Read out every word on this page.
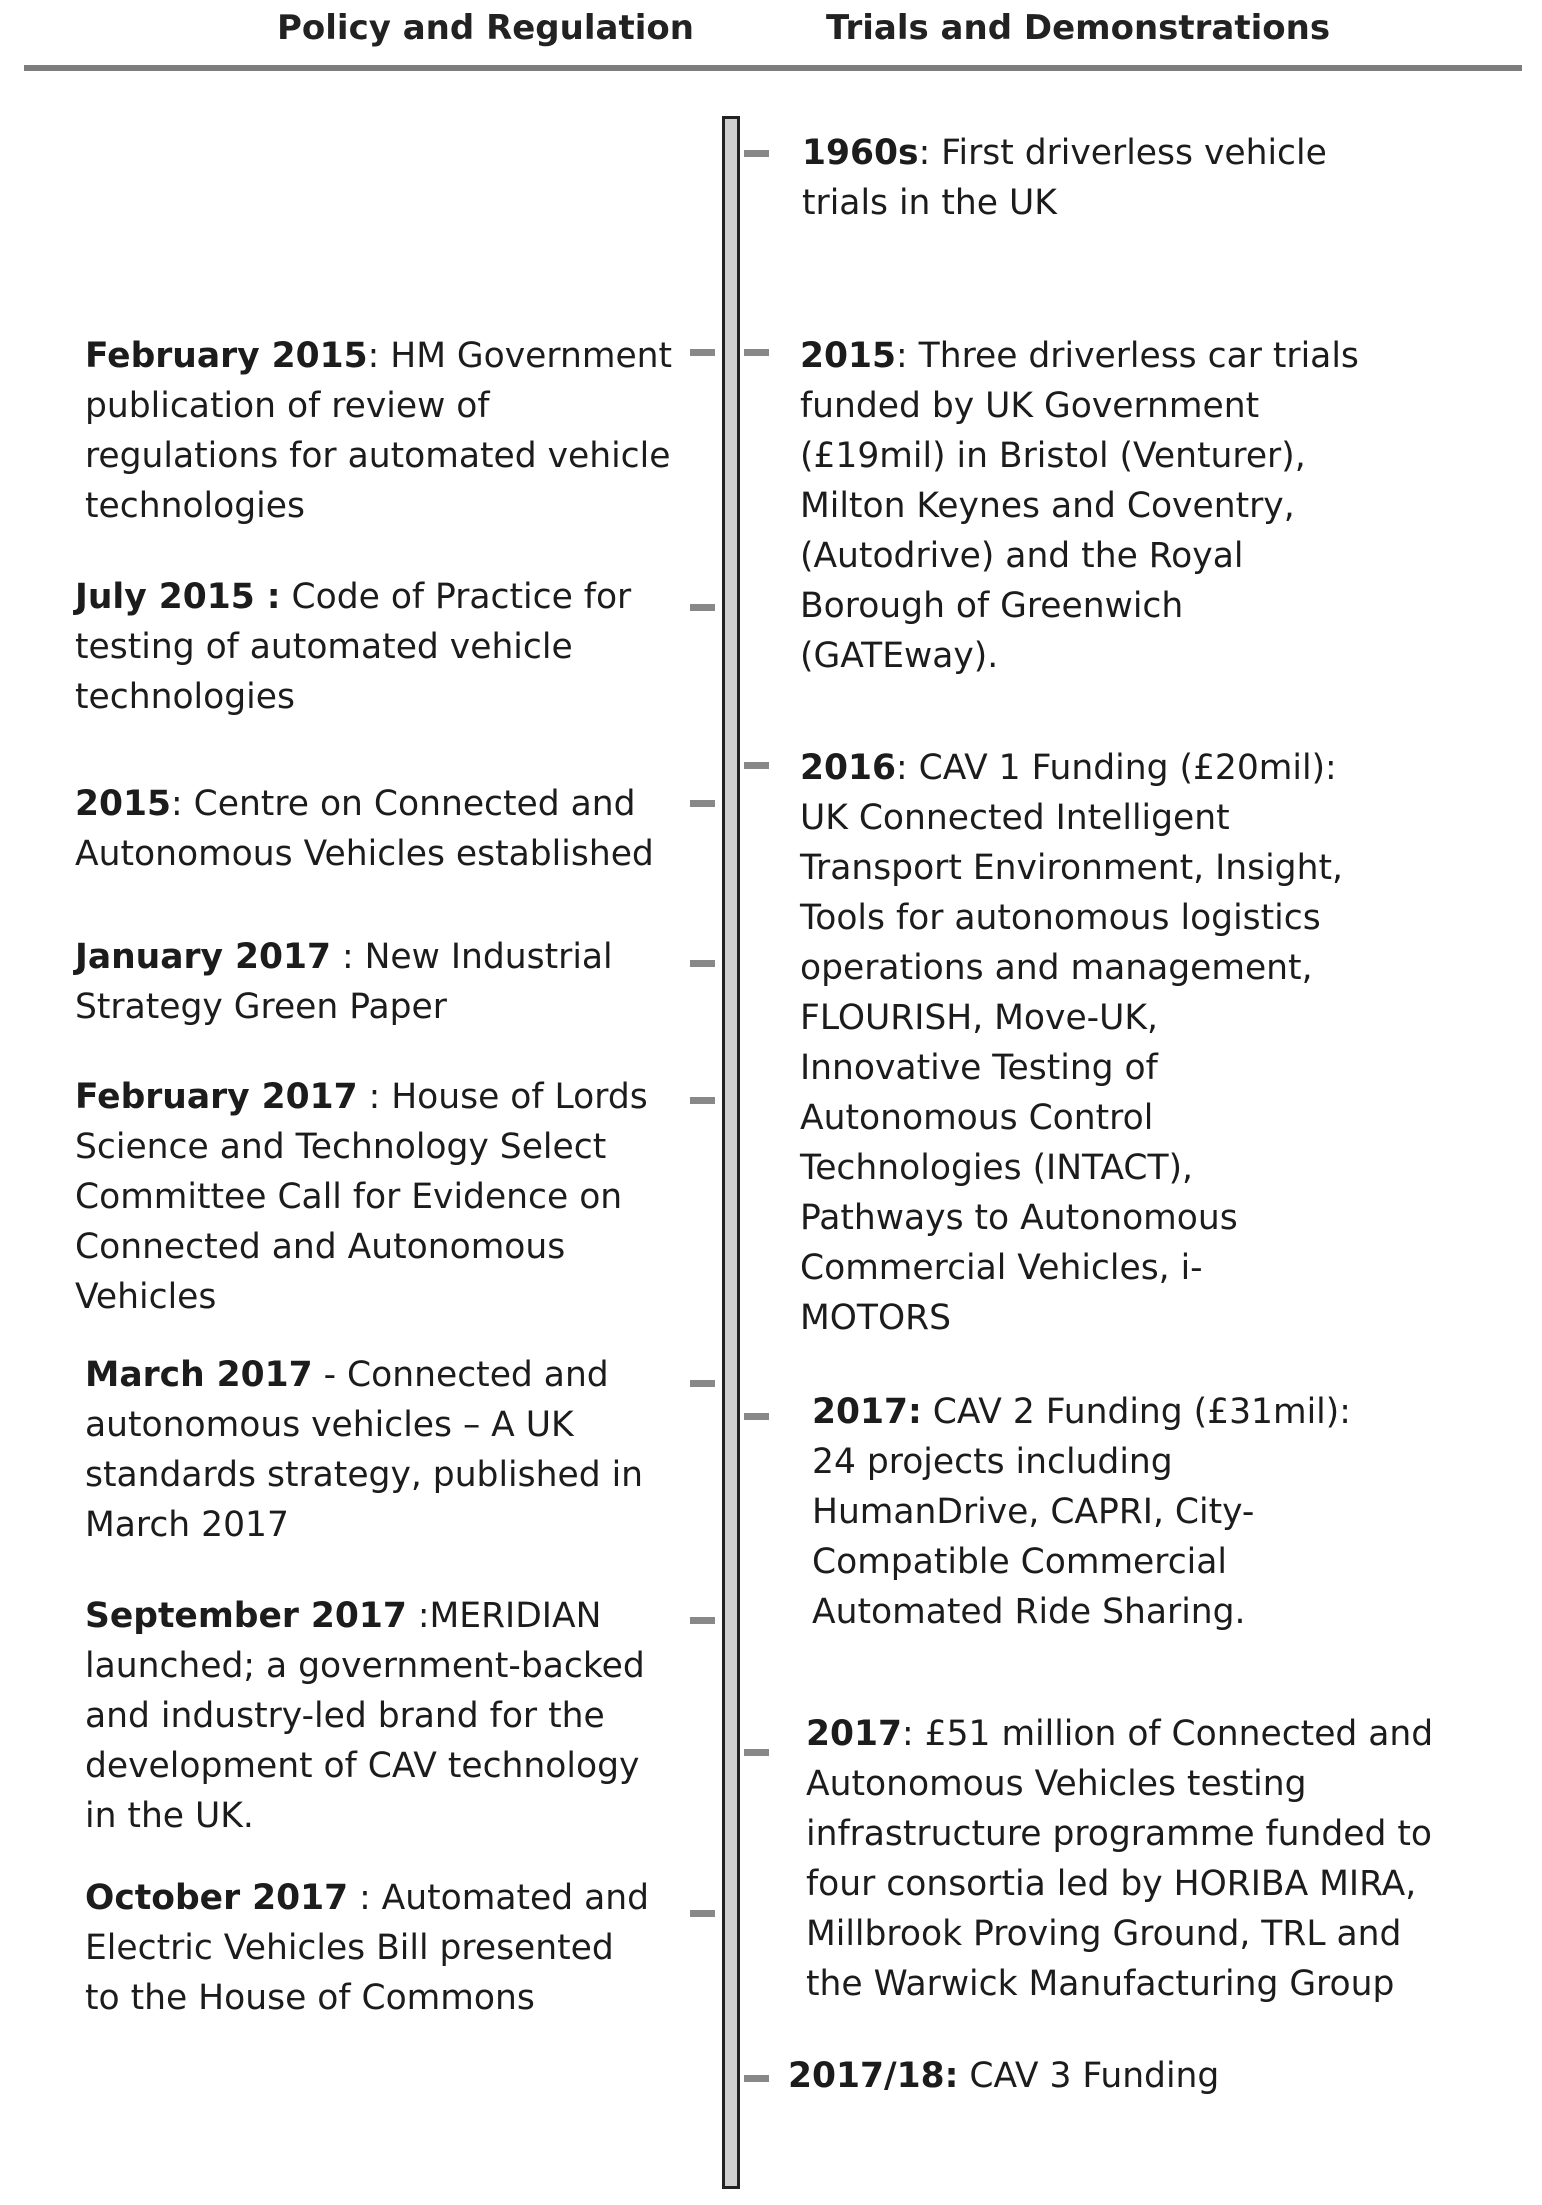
Policy and Regulation	Trials and Demonstrations
February 2015: HM Government
publication of review of
regulations for automated vehicle
technologies
July 2015 : Code of Practice for
testing of automated vehicle
technologies
2015: Centre on Connected and
Autonomous Vehicles established
January 2017 : New Industrial
Strategy Green Paper
February 2017 : House of Lords
Science and Technology Select
Committee Call for Evidence on
Connected and Autonomous
Vehicles
March 2017 - Connected and
autonomous vehicles – A UK
standards strategy, published in
March 2017
September 2017 :MERIDIAN
launched; a government-backed
and industry-led brand for the
development of CAV technology
in the UK.
October 2017 : Automated and
Electric Vehicles Bill presented
to the House of Commons
1960s: First driverless vehicle
trials in the UK
2015: Three driverless car trials
funded by UK Government
(£19mil) in Bristol (Venturer),
Milton Keynes and Coventry,
(Autodrive) and the Royal
Borough of Greenwich
(GATEway).
2016: CAV 1 Funding (£20mil):
UK Connected Intelligent
Transport Environment, Insight,
Tools for autonomous logistics
operations and management,
FLOURISH, Move-UK,
Innovative Testing of
Autonomous Control
Technologies (INTACT),
Pathways to Autonomous
Commercial Vehicles, i-
MOTORS
2017: CAV 2 Funding (£31mil):
24 projects including
HumanDrive, CAPRI, City-
Compatible Commercial
Automated Ride Sharing.
2017: £51 million of Connected and
Autonomous Vehicles testing
infrastructure programme funded to
four consortia led by HORIBA MIRA,
Millbrook Proving Ground, TRL and
the Warwick Manufacturing Group
2017/18: CAV 3 Funding
